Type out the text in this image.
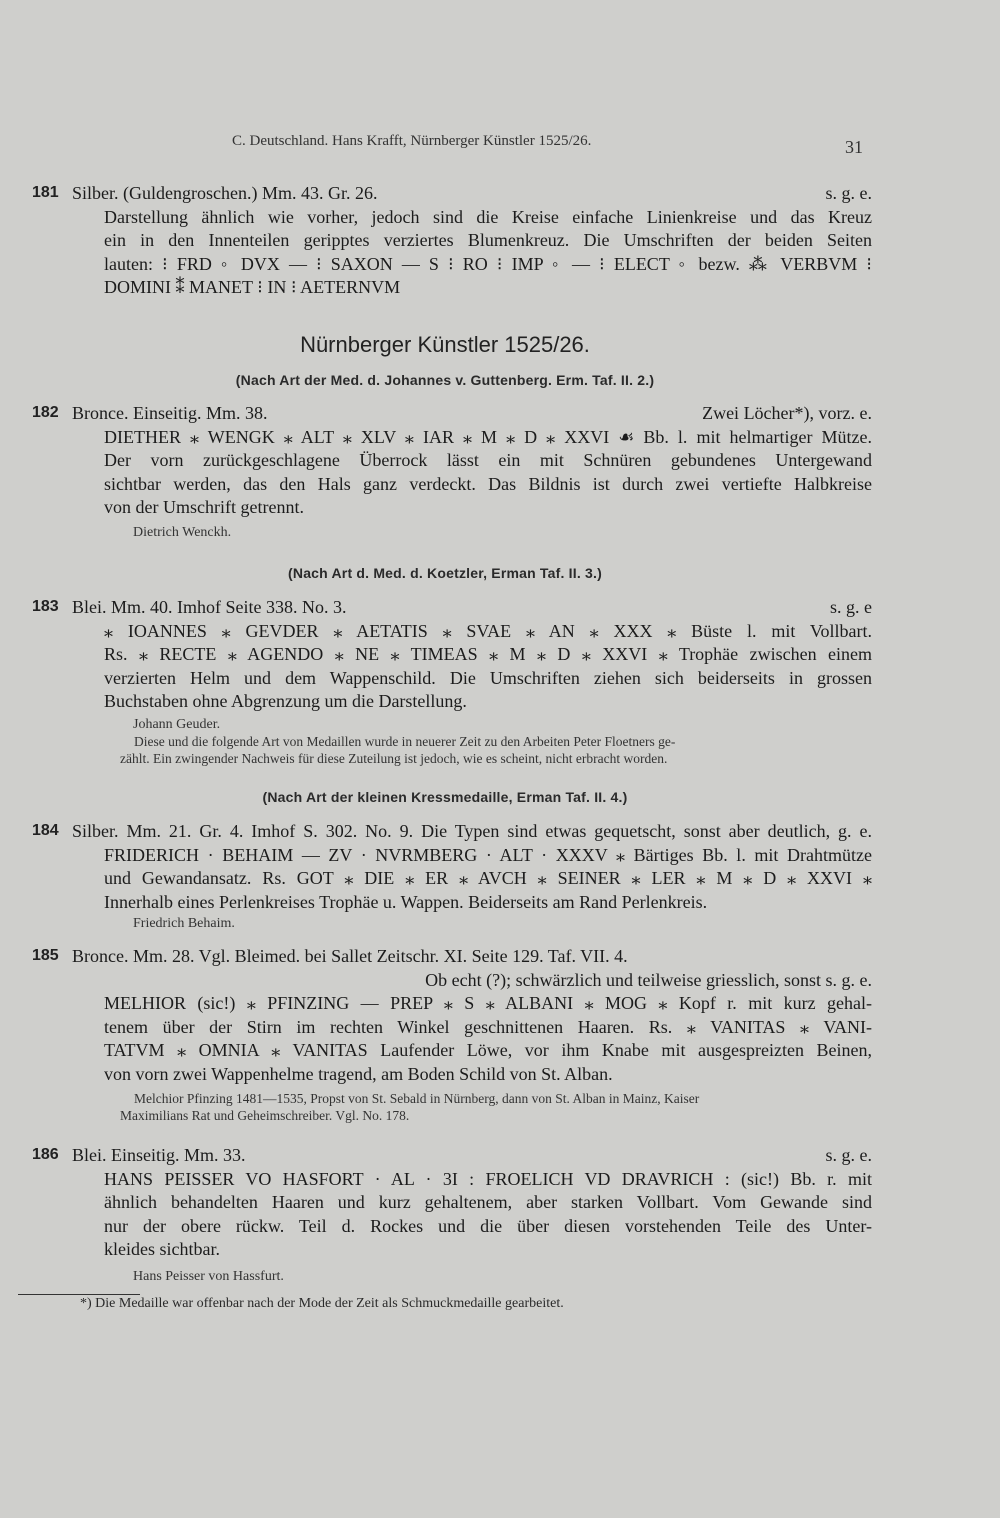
C. Deutschland. Hans Krafft, Nürnberger Künstler 1525/26.	31
181 Silber. (Guldengroschen.) Mm. 43. Gr. 26.	s. g. e.
Darstellung ähnlich wie vorher, jedoch sind die Kreise einfache Linienkreise und das Kreuz
ein in den Innenteilen geripptes verziertes Blumenkreuz. Die Umschriften der beiden Seiten
lauten: ⁝ FRD ◦ DVX — ⁝ SAXON — S ⁝ RO ⁝ IMP ◦ — ⁝ ELECT ◦ bezw. ⁂ VERBVM ⁝
DOMINI ⁑ MANET ⁝ IN ⁝ AETERNVM
Nürnberger Künstler 1525/26.
(Nach Art der Med. d. Johannes v. Guttenberg. Erm. Taf. II. 2.)
182 Bronce. Einseitig. Mm. 38.	Zwei Löcher*), vorz. e.
DIETHER ⁎ WENGK ⁎ ALT ⁎ XLV ⁎ IAR ⁎ M ⁎ D ⁎ XXVI ☙ Bb. l. mit helmartiger Mütze.
Der vorn zurückgeschlagene Überrock lässt ein mit Schnüren gebundenes Untergewand
sichtbar werden, das den Hals ganz verdeckt. Das Bildnis ist durch zwei vertiefte Halbkreise
von der Umschrift getrennt.
Dietrich Wenckh.
(Nach Art d. Med. d. Koetzler, Erman Taf. II. 3.)
183 Blei. Mm. 40. Imhof Seite 338. No. 3.	s. g. e
⁎ IOANNES ⁎ GEVDER ⁎ AETATIS ⁎ SVAE ⁎ AN ⁎ XXX ⁎ Büste l. mit Vollbart.
Rs. ⁎ RECTE ⁎ AGENDO ⁎ NE ⁎ TIMEAS ⁎ M ⁎ D ⁎ XXVI ⁎ Trophäe zwischen einem
verzierten Helm und dem Wappenschild. Die Umschriften ziehen sich beiderseits in grossen
Buchstaben ohne Abgrenzung um die Darstellung.
Johann Geuder.
Diese und die folgende Art von Medaillen wurde in neuerer Zeit zu den Arbeiten Peter Floetners ge-
zählt. Ein zwingender Nachweis für diese Zuteilung ist jedoch, wie es scheint, nicht erbracht worden.
(Nach Art der kleinen Kressmedaille, Erman Taf. II. 4.)
184 Silber. Mm. 21. Gr. 4. Imhof S. 302. No. 9. Die Typen sind etwas gequetscht, sonst aber deutlich, g. e.
FRIDERICH · BEHAIM — ZV · NVRMBERG · ALT · XXXV ⁎ Bärtiges Bb. l. mit Drahtmütze
und Gewandansatz. Rs. GOT ⁎ DIE ⁎ ER ⁎ AVCH ⁎ SEINER ⁎ LER ⁎ M ⁎ D ⁎ XXVI ⁎
Innerhalb eines Perlenkreises Trophäe u. Wappen. Beiderseits am Rand Perlenkreis.
Friedrich Behaim.
185 Bronce. Mm. 28. Vgl. Bleimed. bei Sallet Zeitschr. XI. Seite 129. Taf. VII. 4.
Ob echt (?); schwärzlich und teilweise griesslich, sonst s. g. e.
MELHIOR (sic!) ⁎ PFINZING — PREP ⁎ S ⁎ ALBANI ⁎ MOG ⁎ Kopf r. mit kurz gehal-
tenem über der Stirn im rechten Winkel geschnittenen Haaren. Rs. ⁎ VANITAS ⁎ VANI-
TATVM ⁎ OMNIA ⁎ VANITAS Laufender Löwe, vor ihm Knabe mit ausgespreizten Beinen,
von vorn zwei Wappenhelme tragend, am Boden Schild von St. Alban.
Melchior Pfinzing 1481—1535, Propst von St. Sebald in Nürnberg, dann von St. Alban in Mainz, Kaiser
Maximilians Rat und Geheimschreiber. Vgl. No. 178.
186 Blei. Einseitig. Mm. 33.	s. g. e.
HANS PEISSER VO HASFORT · AL · 3I : FROELICH VD DRAVRICH : (sic!) Bb. r. mit
ähnlich behandelten Haaren und kurz gehaltenem, aber starken Vollbart. Vom Gewande sind
nur der obere rückw. Teil d. Rockes und die über diesen vorstehenden Teile des Unter-
kleides sichtbar.
Hans Peisser von Hassfurt.
*) Die Medaille war offenbar nach der Mode der Zeit als Schmuckmedaille gearbeitet.
